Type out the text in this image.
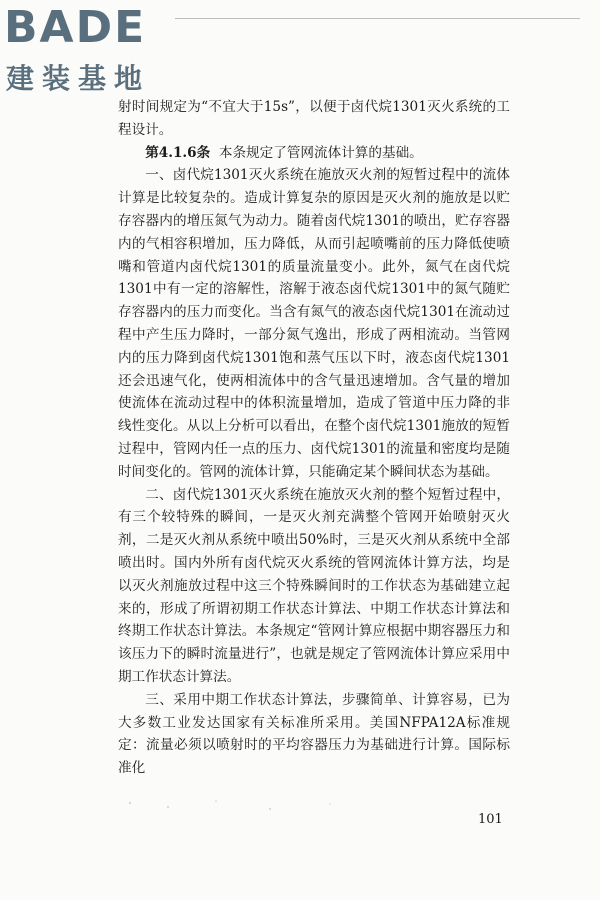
BADE
建装基地

射时间规定为“不宜大于15s”，以便于卤代烷1301灭火系统的工程设计。

第4.1.6条 本条规定了管网流体计算的基础。

一、卤代烷1301灭火系统在施放灭火剂的短暂过程中的流体计算是比较复杂的。造成计算复杂的原因是灭火剂的施放是以贮存容器内的增压氮气为动力。随着卤代烷1301的喷出，贮存容器内的气相容积增加，压力降低，从而引起喷嘴前的压力降低使喷嘴和管道内卤代烷1301的质量流量变小。此外，氮气在卤代烷1301中有一定的溶解性，溶解于液态卤代烷1301中的氮气随贮存容器内的压力而变化。当含有氮气的液态卤代烷1301在流动过程中产生压力降时，一部分氮气逸出，形成了两相流动。当管网内的压力降到卤代烷1301饱和蒸气压以下时，液态卤代烷1301还会迅速气化，使两相流体中的含气量迅速增加。含气量的增加使流体在流动过程中的体积流量增加，造成了管道中压力降的非线性变化。从以上分析可以看出，在整个卤代烷1301施放的短暂过程中，管网内任一点的压力、卤代烷1301的流量和密度均是随时间变化的。管网的流体计算，只能确定某个瞬间状态为基础。

二、卤代烷1301灭火系统在施放灭火剂的整个短暂过程中，有三个较特殊的瞬间，一是灭火剂充满整个管网开始喷射灭火剂，二是灭火剂从系统中喷出50%时，三是灭火剂从系统中全部喷出时。国内外所有卤代烷灭火系统的管网流体计算方法，均是以灭火剂施放过程中这三个特殊瞬间时的工作状态为基础建立起来的，形成了所谓初期工作状态计算法、中期工作状态计算法和终期工作状态计算法。本条规定“管网计算应根据中期容器压力和该压力下的瞬时流量进行”，也就是规定了管网流体计算应采用中期工作状态计算法。

三、采用中期工作状态计算法，步骤简单、计算容易，已为大多数工业发达国家有关标准所采用。美国NFPA12A标准规定：流量必须以喷射时的平均容器压力为基础进行计算。国际标准化

101
